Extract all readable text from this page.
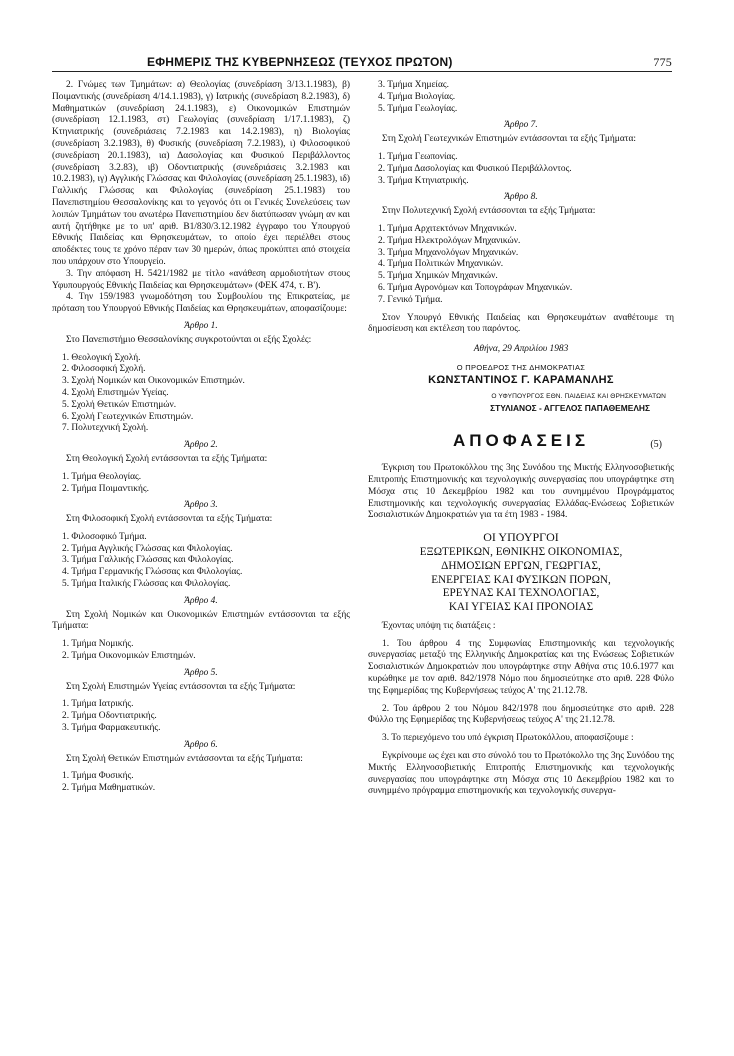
ΕΦΗΜΕΡΙΣ ΤΗΣ ΚΥΒΕΡΝΗΣΕΩΣ (ΤΕΥΧΟΣ ΠΡΩΤΟΝ)	775

2. Γνώμες των Τμημάτων: α) Θεολογίας (συνεδρίαση 3/13.1.1983), β) Ποιμαντικής (συνεδρίαση 4/14.1.1983), γ) Ιατρικής (συνεδρίαση 8.2.1983), δ) Μαθηματικών (συνεδρίαση 24.1.1983), ε) Οικονομικών Επιστημών (συνεδρίαση 12.1.1983, στ) Γεωλογίας (συνεδρίαση 1/17.1.1983), ζ) Κτηνιατρικής (συνεδριάσεις 7.2.1983 και 14.2.1983), η) Βιολογίας (συνεδρίαση 3.2.1983), θ) Φυσικής (συνεδρίαση 7.2.1983), ι) Φιλοσοφικού (συνεδρίαση 20.1.1983), ια) Δασολογίας και Φυσικού Περιβάλλοντος (συνεδρίαση 3.2.83), ιβ) Οδοντιατρικής (συνεδριάσεις 3.2.1983 και 10.2.1983), ιγ) Αγγλικής Γλώσσας και Φιλολογίας (συνεδρίαση 25.1.1983), ιδ) Γαλλικής Γλώσσας και Φιλολογίας (συνεδρίαση 25.1.1983) του Πανεπιστημίου Θεσσαλονίκης και το γεγονός ότι οι Γενικές Συνελεύσεις των λοιπών Τμημάτων του ανωτέρω Πανεπιστημίου δεν διατύπωσαν γνώμη αν και αυτή ζητήθηκε με το υπ' αριθ. Β1/830/3.12.1982 έγγραφο του Υπουργού Εθνικής Παιδείας και Θρησκευμάτων, το οποίο έχει περιέλθει στους αποδέκτες τους τε χρόνο πέραν των 30 ημερών, όπως προκύπτει από στοιχεία που υπάρχουν στο Υπουργείο.

3. Την απόφαση Η. 5421/1982 με τίτλο «ανάθεση αρμοδιοτήτων στους Υφυπουργούς Εθνικής Παιδείας και Θρησκευμάτων» (ΦΕΚ 474, τ. Β').

4. Την 159/1983 γνωμοδότηση του Συμβουλίου της Επικρατείας, με πρόταση του Υπουργού Εθνικής Παιδείας και Θρησκευμάτων, αποφασίζουμε:

Άρθρο 1.

Στο Πανεπιστήμιο Θεσσαλονίκης συγκροτούνται οι εξής Σχολές:

1. Θεολογική Σχολή.
2. Φιλοσοφική Σχολή.
3. Σχολή Νομικών και Οικονομικών Επιστημών.
4. Σχολή Επιστημών Υγείας.
5. Σχολή Θετικών Επιστημών.
6. Σχολή Γεωτεχνικών Επιστημών.
7. Πολυτεχνική Σχολή.
Άρθρο 2.

Στη Θεολογική Σχολή εντάσσονται τα εξής Τμήματα:

1. Τμήμα Θεολογίας.
2. Τμήμα Ποιμαντικής.
Άρθρο 3.

Στη Φιλοσοφική Σχολή εντάσσονται τα εξής Τμήματα:

1. Φιλοσοφικό Τμήμα.
2. Τμήμα Αγγλικής Γλώσσας και Φιλολογίας.
3. Τμήμα Γαλλικής Γλώσσας και Φιλολογίας.
4. Τμήμα Γερμανικής Γλώσσας και Φιλολογίας.
5. Τμήμα Ιταλικής Γλώσσας και Φιλολογίας.
Άρθρο 4.

Στη Σχολή Νομικών και Οικονομικών Επιστημών εντάσσονται τα εξής Τμήματα:

1. Τμήμα Νομικής.
2. Τμήμα Οικονομικών Επιστημών.
Άρθρο 5.

Στη Σχολή Επιστημών Υγείας εντάσσονται τα εξής Τμήματα:

1. Τμήμα Ιατρικής.
2. Τμήμα Οδοντιατρικής.
3. Τμήμα Φαρμακευτικής.
Άρθρο 6.

Στη Σχολή Θετικών Επιστημών εντάσσονται τα εξής Τμήματα:

1. Τμήμα Φυσικής.
2. Τμήμα Μαθηματικών.
3. Τμήμα Χημείας.
4. Τμήμα Βιολογίας.
5. Τμήμα Γεωλογίας.
Άρθρο 7.

Στη Σχολή Γεωτεχνικών Επιστημών εντάσσονται τα εξής Τμήματα:

1. Τμήμα Γεωπονίας.
2. Τμήμα Δασολογίας και Φυσικού Περιβάλλοντος.
3. Τμήμα Κτηνιατρικής.
Άρθρο 8.

Στην Πολυτεχνική Σχολή εντάσσονται τα εξής Τμήματα:

1. Τμήμα Αρχιτεκτόνων Μηχανικών.
2. Τμήμα Ηλεκτρολόγων Μηχανικών.
3. Τμήμα Μηχανολόγων Μηχανικών.
4. Τμήμα Πολιτικών Μηχανικών.
5. Τμήμα Χημικών Μηχανικών.
6. Τμήμα Αγρονόμων και Τοπογράφων Μηχανικών.
7. Γενικό Τμήμα.

Στον Υπουργό Εθνικής Παιδείας και Θρησκευμάτων αναθέτουμε τη δημοσίευση και εκτέλεση του παρόντος.

Αθήνα, 29 Απριλίου 1983
Ο ΠΡΟΕΔΡΟΣ ΤΗΣ ΔΗΜΟΚΡΑΤΙΑΣ
ΚΩΝΣΤΑΝΤΙΝΟΣ Γ. ΚΑΡΑΜΑΝΛΗΣ
Ο ΥΦΥΠΟΥΡΓΟΣ ΕΘΝ. ΠΑΙΔΕΙΑΣ ΚΑΙ ΘΡΗΣΚΕΥΜΑΤΩΝ
ΣΤΥΛΙΑΝΟΣ - ΑΓΓΕΛΟΣ ΠΑΠΑΘΕΜΕΛΗΣ
ΑΠΟΦΑΣΕΙΣ	(5)

Έγκριση του Πρωτοκόλλου της 3ης Συνόδου της Μικτής Ελληνοσοβιετικής Επιτροπής Επιστημονικής και τεχνολογικής συνεργασίας που υπογράφτηκε στη Μόσχα στις 10 Δεκεμβρίου 1982 και του συνημμένου Προγράμματος Επιστημονικής και τεχνολογικής συνεργασίας Ελλάδας-Ενώσεως Σοβιετικών Σοσιαλιστικών Δημοκρατιών για τα έτη 1983 - 1984.

ΟΙ ΥΠΟΥΡΓΟΙ
ΕΞΩΤΕΡΙΚΩΝ, ΕΘΝΙΚΗΣ ΟΙΚΟΝΟΜΙΑΣ,
ΔΗΜΟΣΙΩΝ ΕΡΓΩΝ, ΓΕΩΡΓΙΑΣ,
ΕΝΕΡΓΕΙΑΣ ΚΑΙ ΦΥΣΙΚΩΝ ΠΟΡΩΝ,
ΕΡΕΥΝΑΣ ΚΑΙ ΤΕΧΝΟΛΟΓΙΑΣ,
ΚΑΙ ΥΓΕΙΑΣ ΚΑΙ ΠΡΟΝΟΙΑΣ

Έχοντας υπόψη τις διατάξεις :

1. Του άρθρου 4 της Συμφωνίας Επιστημονικής και τεχνολογικής συνεργασίας μεταξύ της Ελληνικής Δημοκρατίας και της Ενώσεως Σοβιετικών Σοσιαλιστικών Δημοκρατιών που υπογράφτηκε στην Αθήνα στις 10.6.1977 και κυρώθηκε με τον αριθ. 842/1978 Νόμο που δημοσιεύτηκε στο αριθ. 228 Φύλο της Εφημερίδας της Κυβερνήσεως τεύχος Α' της 21.12.78.

2. Του άρθρου 2 του Νόμου 842/1978 που δημοσιεύτηκε στο αριθ. 228 Φύλλο της Εφημερίδας της Κυβερνήσεως τεύχος Α' της 21.12.78.

3. Το περιεχόμενο του υπό έγκριση Πρωτοκόλλου, αποφασίζουμε :

Εγκρίνουμε ως έχει και στο σύνολό του το Πρωτόκολλο της 3ης Συνόδου της Μικτής Ελληνοσοβιετικής Επιτροπής Επιστημονικής και τεχνολογικής συνεργασίας που υπογράφτηκε στη Μόσχα στις 10 Δεκεμβρίου 1982 και το συνημμένο πρόγραμμα επιστημονικής και τεχνολογικής συνεργα-
